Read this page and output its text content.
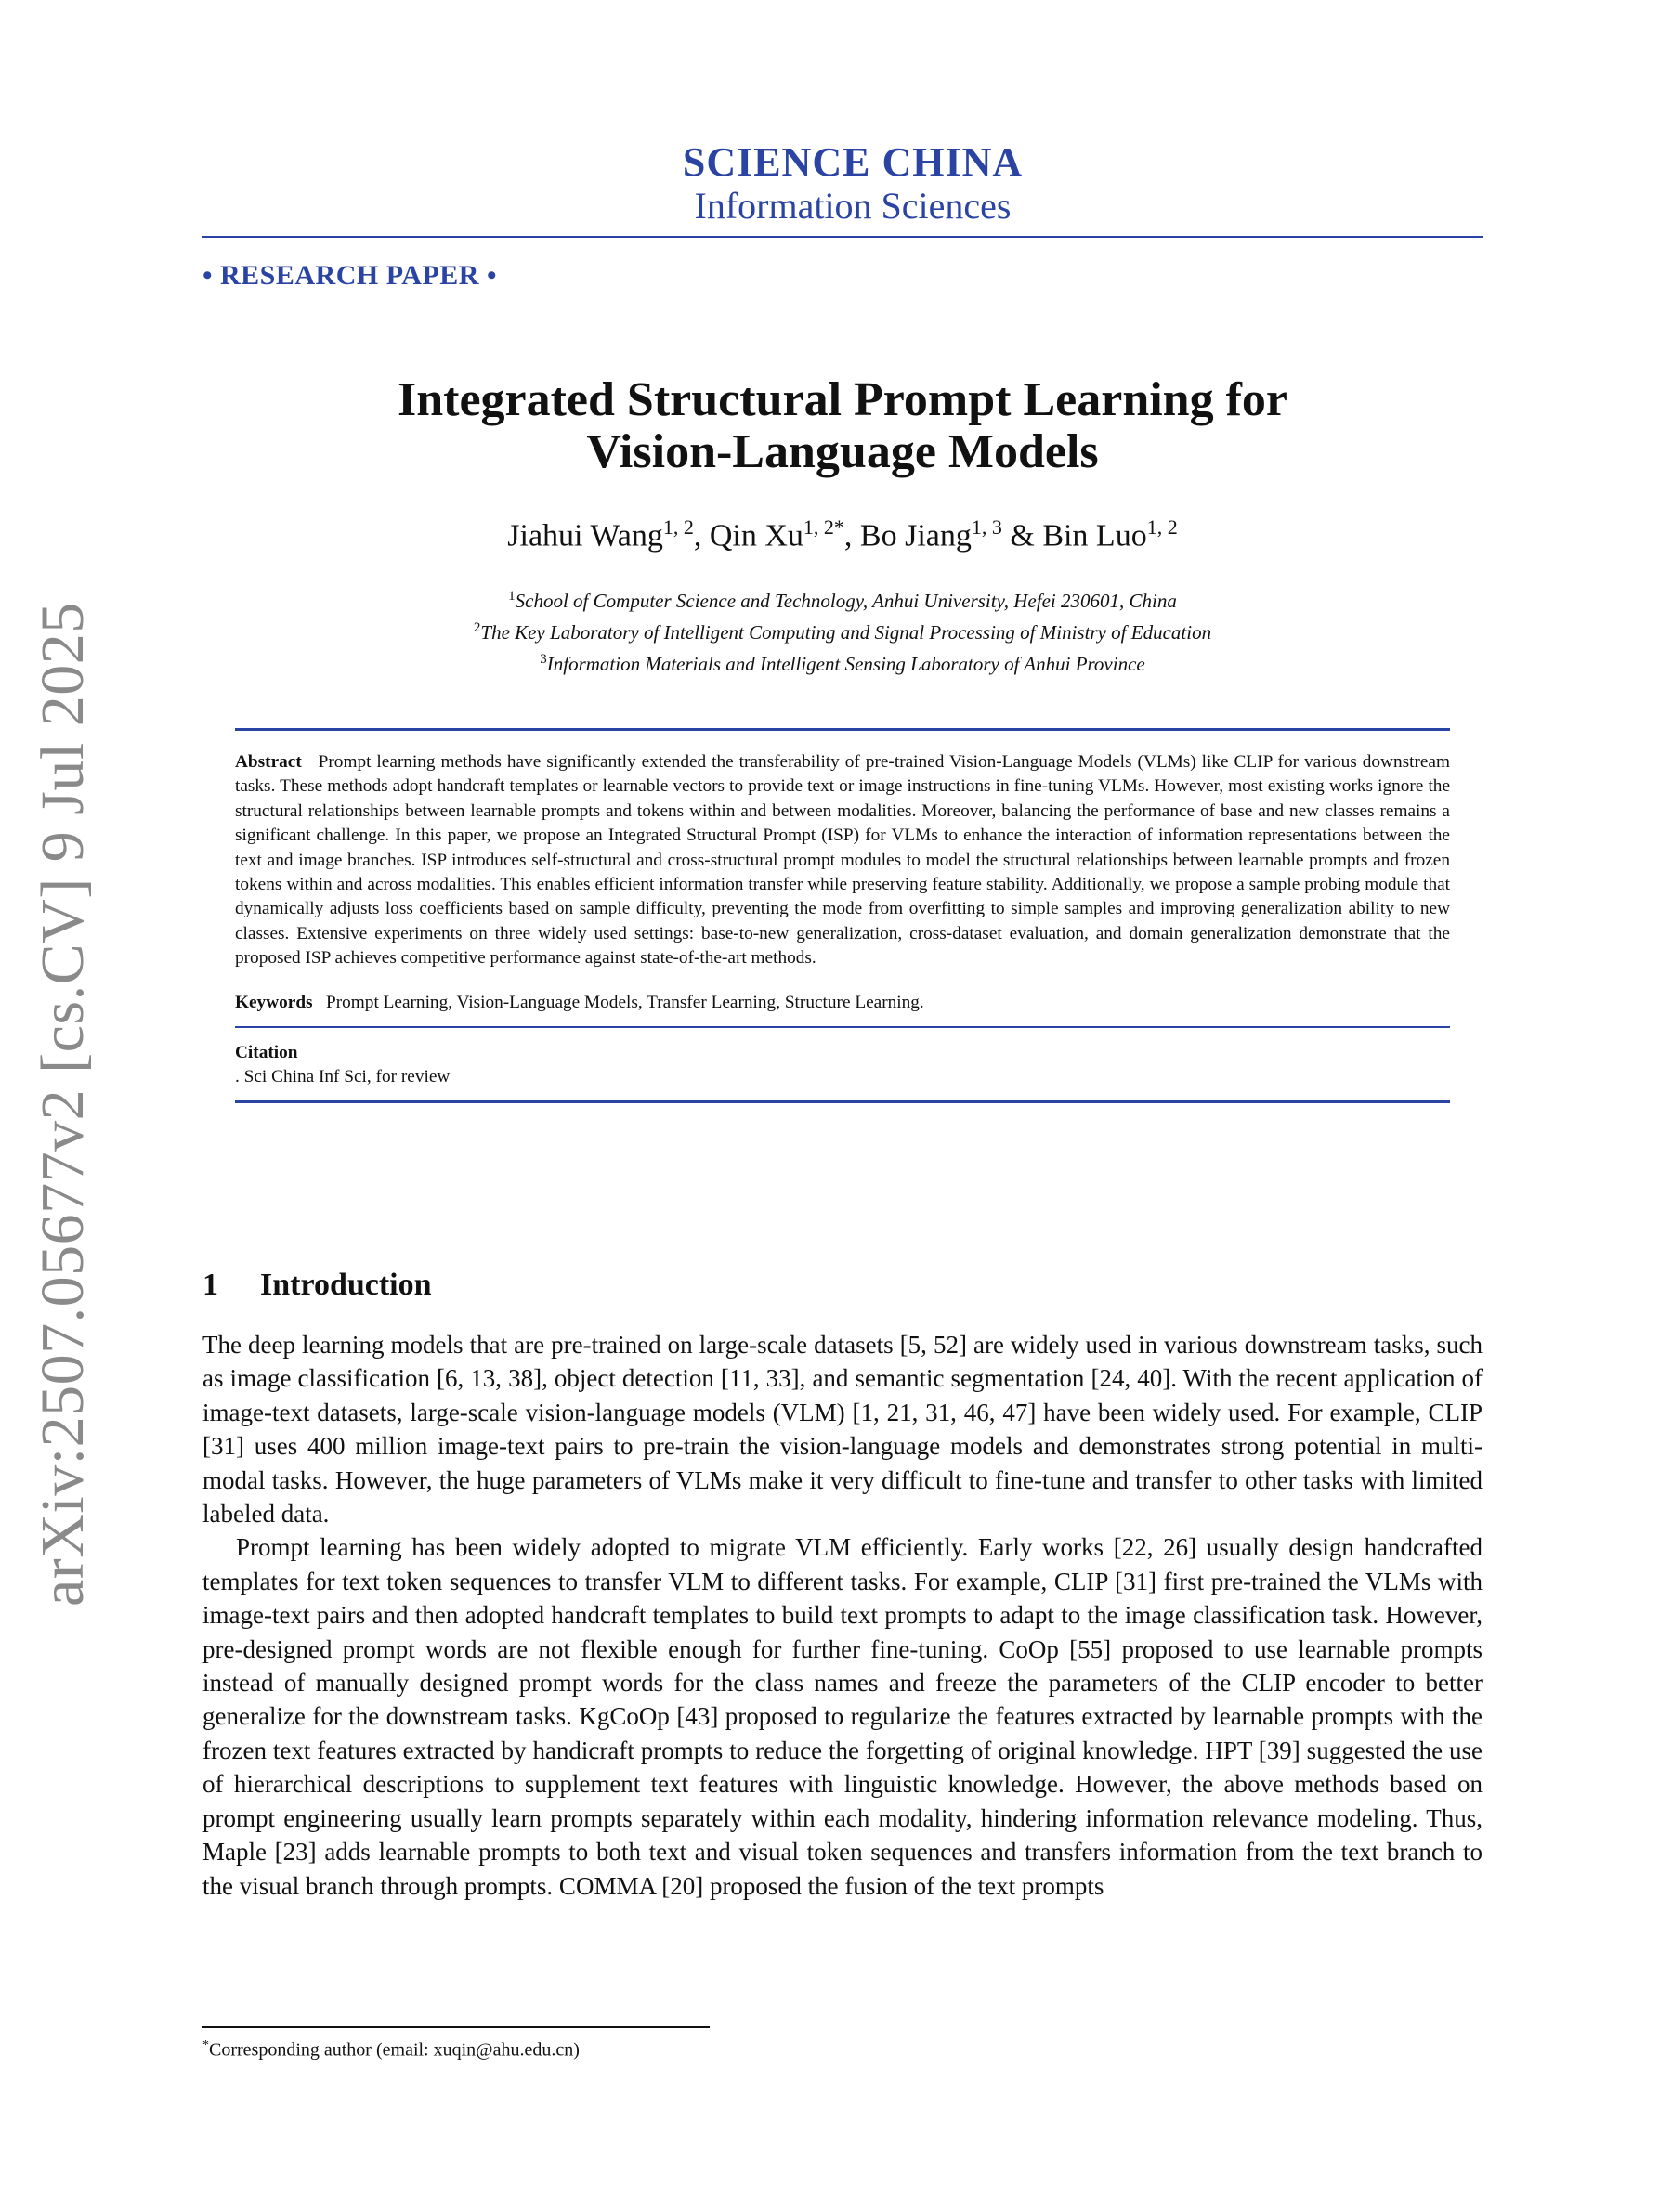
arXiv:2507.05677v2 [cs.CV] 9 Jul 2025
SCIENCE CHINA
Information Sciences
• RESEARCH PAPER •
Integrated Structural Prompt Learning for
Vision-Language Models
Jiahui Wang$^{1, 2}$, Qin $Xu^{1, 2*}$, Bo Jiang$^{1, 3}$ & Bin Luo$^{1, 2}$
$^1$School of Computer Science and Technology, Anhui University, Hefei 230601, China
$^2$The Key Laboratory of Intelligent Computing and Signal Processing of Ministry of Education
$^3$Information Materials and Intelligent Sensing Laboratory of Anhui Province
Abstract Prompt learning methods have significantly extended the transferability of pre-trained Vision-Language Models (VLMs) like CLIP for various downstream tasks. These methods adopt handcraft templates or learnable vectors to provide text or image instructions in fine-tuning VLMs. However, most existing works ignore the structural relationships between learnable prompts and tokens within and between modalities. Moreover, balancing the performance of base and new classes remains a significant challenge. In this paper, we propose an Integrated Structural Prompt (ISP) for VLMs to enhance the interaction of information representations between the text and image branches. ISP introduces self-structural and cross-structural prompt modules to model the structural relationships between learnable prompts and frozen tokens within and across modalities. This enables efficient information transfer while preserving feature stability. Additionally, we propose a sample probing module that dynamically adjusts loss coefficients based on sample difficulty, preventing the mode from overfitting to simple samples and improving generalization ability to new classes. Extensive experiments on three widely used settings: base-to-new generalization, cross-dataset evaluation, and domain generalization demonstrate that the proposed ISP achieves competitive performance against state-of-the-art methods.
Keywords Prompt Learning, Vision-Language Models, Transfer Learning, Structure Learning.
Citation
. Sci China Inf Sci, for review
1 Introduction

The deep learning models that are pre-trained on large-scale datasets [5, 52] are widely used in various downstream tasks, such as image classification [6, 13, 38], object detection [11, 33], and semantic segmentation [24, 40]. With the recent application of image-text datasets, large-scale vision-language models (VLM) [1, 21, 31, 46, 47] have been widely used. For example, CLIP [31] uses 400 million image-text pairs to pre-train the vision-language models and demonstrates strong potential in multi-modal tasks. However, the huge parameters of VLMs make it very difficult to fine-tune and transfer to other tasks with limited labeled data.

Prompt learning has been widely adopted to migrate VLM efficiently. Early works [22, 26] usually design handcrafted templates for text token sequences to transfer VLM to different tasks. For example, CLIP [31] first pre-trained the VLMs with image-text pairs and then adopted handcraft templates to build text prompts to adapt to the image classification task. However, pre-designed prompt words are not flexible enough for further fine-tuning. CoOp [55] proposed to use learnable prompts instead of manually designed prompt words for the class names and freeze the parameters of the CLIP encoder to better generalize for the downstream tasks. KgCoOp [43] proposed to regularize the features extracted by learnable prompts with the frozen text features extracted by handicraft prompts to reduce the forgetting of original knowledge. HPT [39] suggested the use of hierarchical descriptions to supplement text features with linguistic knowledge. However, the above methods based on prompt engineering usually learn prompts separately within each modality, hindering information relevance modeling. Thus, Maple [23] adds learnable prompts to both text and visual token sequences and transfers information from the text branch to the visual branch through prompts. COMMA [20] proposed the fusion of the text prompts

*Corresponding author (email: xuqin@ahu.edu.cn)
